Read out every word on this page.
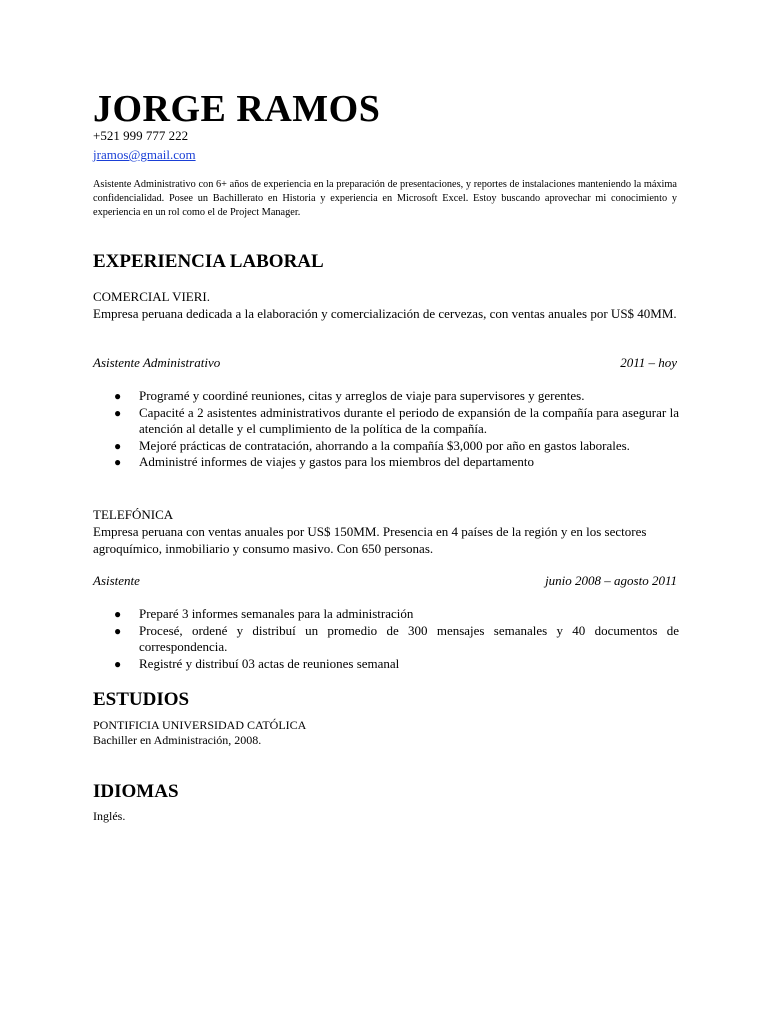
JORGE RAMOS
+521 999 777 222
jramos@gmail.com
Asistente Administrativo con 6+ años de experiencia en la preparación de presentaciones, y reportes de instalaciones manteniendo la máxima confidencialidad. Posee un Bachillerato en Historia y experiencia en Microsoft Excel. Estoy buscando aprovechar mi conocimiento y experiencia en un rol como el de Project Manager.
EXPERIENCIA LABORAL
COMERCIAL VIERI.
Empresa peruana dedicada a la elaboración y comercialización de cervezas, con ventas anuales por US$ 40MM.
Asistente Administrativo	2011 – hoy
● Programé y coordiné reuniones, citas y arreglos de viaje para supervisores y gerentes.
● Capacité a 2 asistentes administrativos durante el periodo de expansión de la compañía para asegurar la atención al detalle y el cumplimiento de la política de la compañía.
● Mejoré prácticas de contratación, ahorrando a la compañía $3,000 por año en gastos laborales.
● Administré informes de viajes y gastos para los miembros del departamento
TELEFÓNICA
Empresa peruana con ventas anuales por US$ 150MM. Presencia en 4 países de la región y en los sectores agroquímico, inmobiliario y consumo masivo. Con 650 personas.
Asistente	junio 2008 – agosto 2011
● Preparé 3 informes semanales para la administración
● Procesé, ordené y distribuí un promedio de 300 mensajes semanales y 40 documentos de correspondencia.
● Registré y distribuí 03 actas de reuniones semanal
ESTUDIOS
PONTIFICIA UNIVERSIDAD CATÓLICA
Bachiller en Administración, 2008.
IDIOMAS
Inglés.
